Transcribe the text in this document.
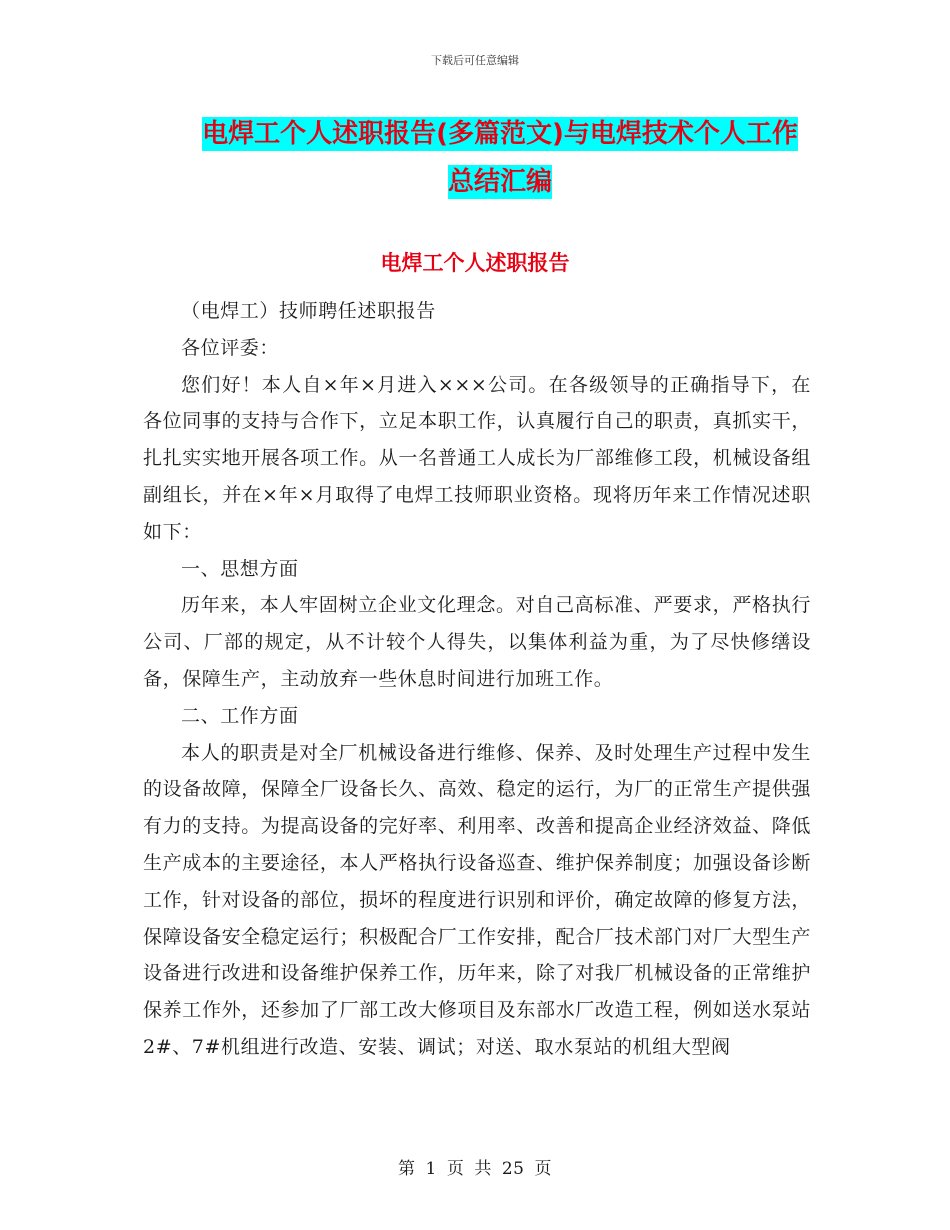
下载后可任意编辑
电焊工个人述职报告(多篇范文)与电焊技术个人工作
总结汇编
电焊工个人述职报告

（电焊工）技师聘任述职报告

各位评委：

您们好！本人自×年×月进入×××公司。在各级领导的正确指导下，在各位同事的支持与合作下，立足本职工作，认真履行自己的职责，真抓实干，扎扎实实地开展各项工作。从一名普通工人成长为厂部维修工段，机械设备组副组长，并在×年×月取得了电焊工技师职业资格。现将历年来工作情况述职如下：

一、思想方面

历年来，本人牢固树立企业文化理念。对自己高标准、严要求，严格执行公司、厂部的规定，从不计较个人得失，以集体利益为重，为了尽快修缮设备，保障生产，主动放弃一些休息时间进行加班工作。

二、工作方面

本人的职责是对全厂机械设备进行维修、保养、及时处理生产过程中发生的设备故障，保障全厂设备长久、高效、稳定的运行，为厂的正常生产提供强有力的支持。为提高设备的完好率、利用率、改善和提高企业经济效益、降低生产成本的主要途径，本人严格执行设备巡查、维护保养制度；加强设备诊断工作，针对设备的部位，损坏的程度进行识别和评价，确定故障的修复方法，保障设备安全稳定运行；积极配合厂工作安排，配合厂技术部门对厂大型生产设备进行改进和设备维护保养工作，历年来，除了对我厂机械设备的正常维护保养工作外，还参加了厂部工改大修项目及东部水厂改造工程，例如送水泵站2#、7#机组进行改造、安装、调试；对送、取水泵站的机组大型阀

第 1 页 共 25 页
